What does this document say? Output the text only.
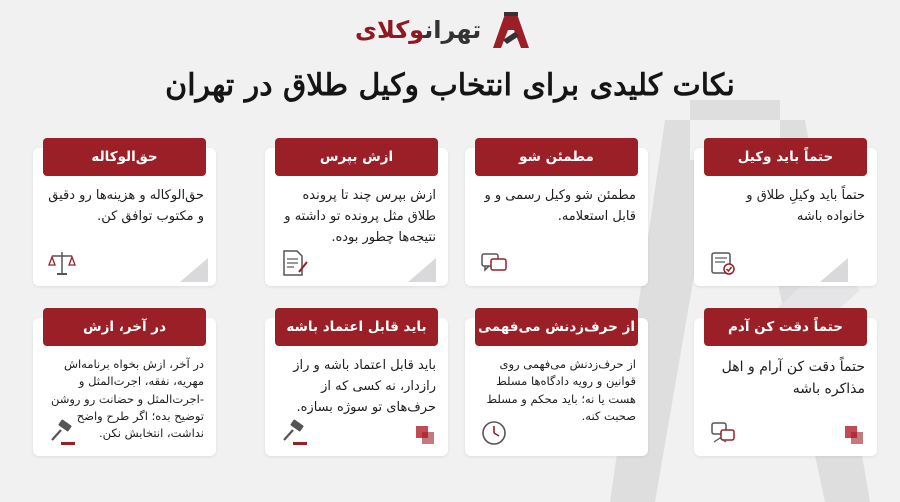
تهرانوکلای
نکات کلیدی برای انتخاب وکیل طلاق در تهران
حتماً باید وکیل
حتماً باید وکیلِ طلاق و خانواده باشه
مطمئن شو
مطمئن شو وکیل رسمی و و قابل استعلامه.
ازش بپرس
ازش بپرس چند تا پرونده طلاق مثل پرونده تو داشته و نتیجه‌ها چطور بوده.
حق‌الوکاله
حق‌الوکاله و هزینه‌ها رو دقیق و مکتوب توافق کن.
حتماً دقت کن آدم
حتماً دقت کن آرام و اهل مذاکره باشه
از حرف‌زدنش می‌فهمی
از حرف‌زدنش می‌فهمی روی قوانین و رویه دادگاه‌ها مسلط هست یا نه؛ باید محکم و مسلط صحبت کنه.
باید قابل اعتماد باشه
باید قابل اعتماد باشه و راز رازدار، نه کسی که از حرف‌های تو سوژه بسازه.
در آخر، ازش
در آخر، ازش بخواه برنامه‌اش مهریه، نفقه، اجرت‌المثل و -اجرت‌المثل و حضانت رو روشن توضیح بده؛ اگر طرح واضح نداشت، انتخابش نکن.
